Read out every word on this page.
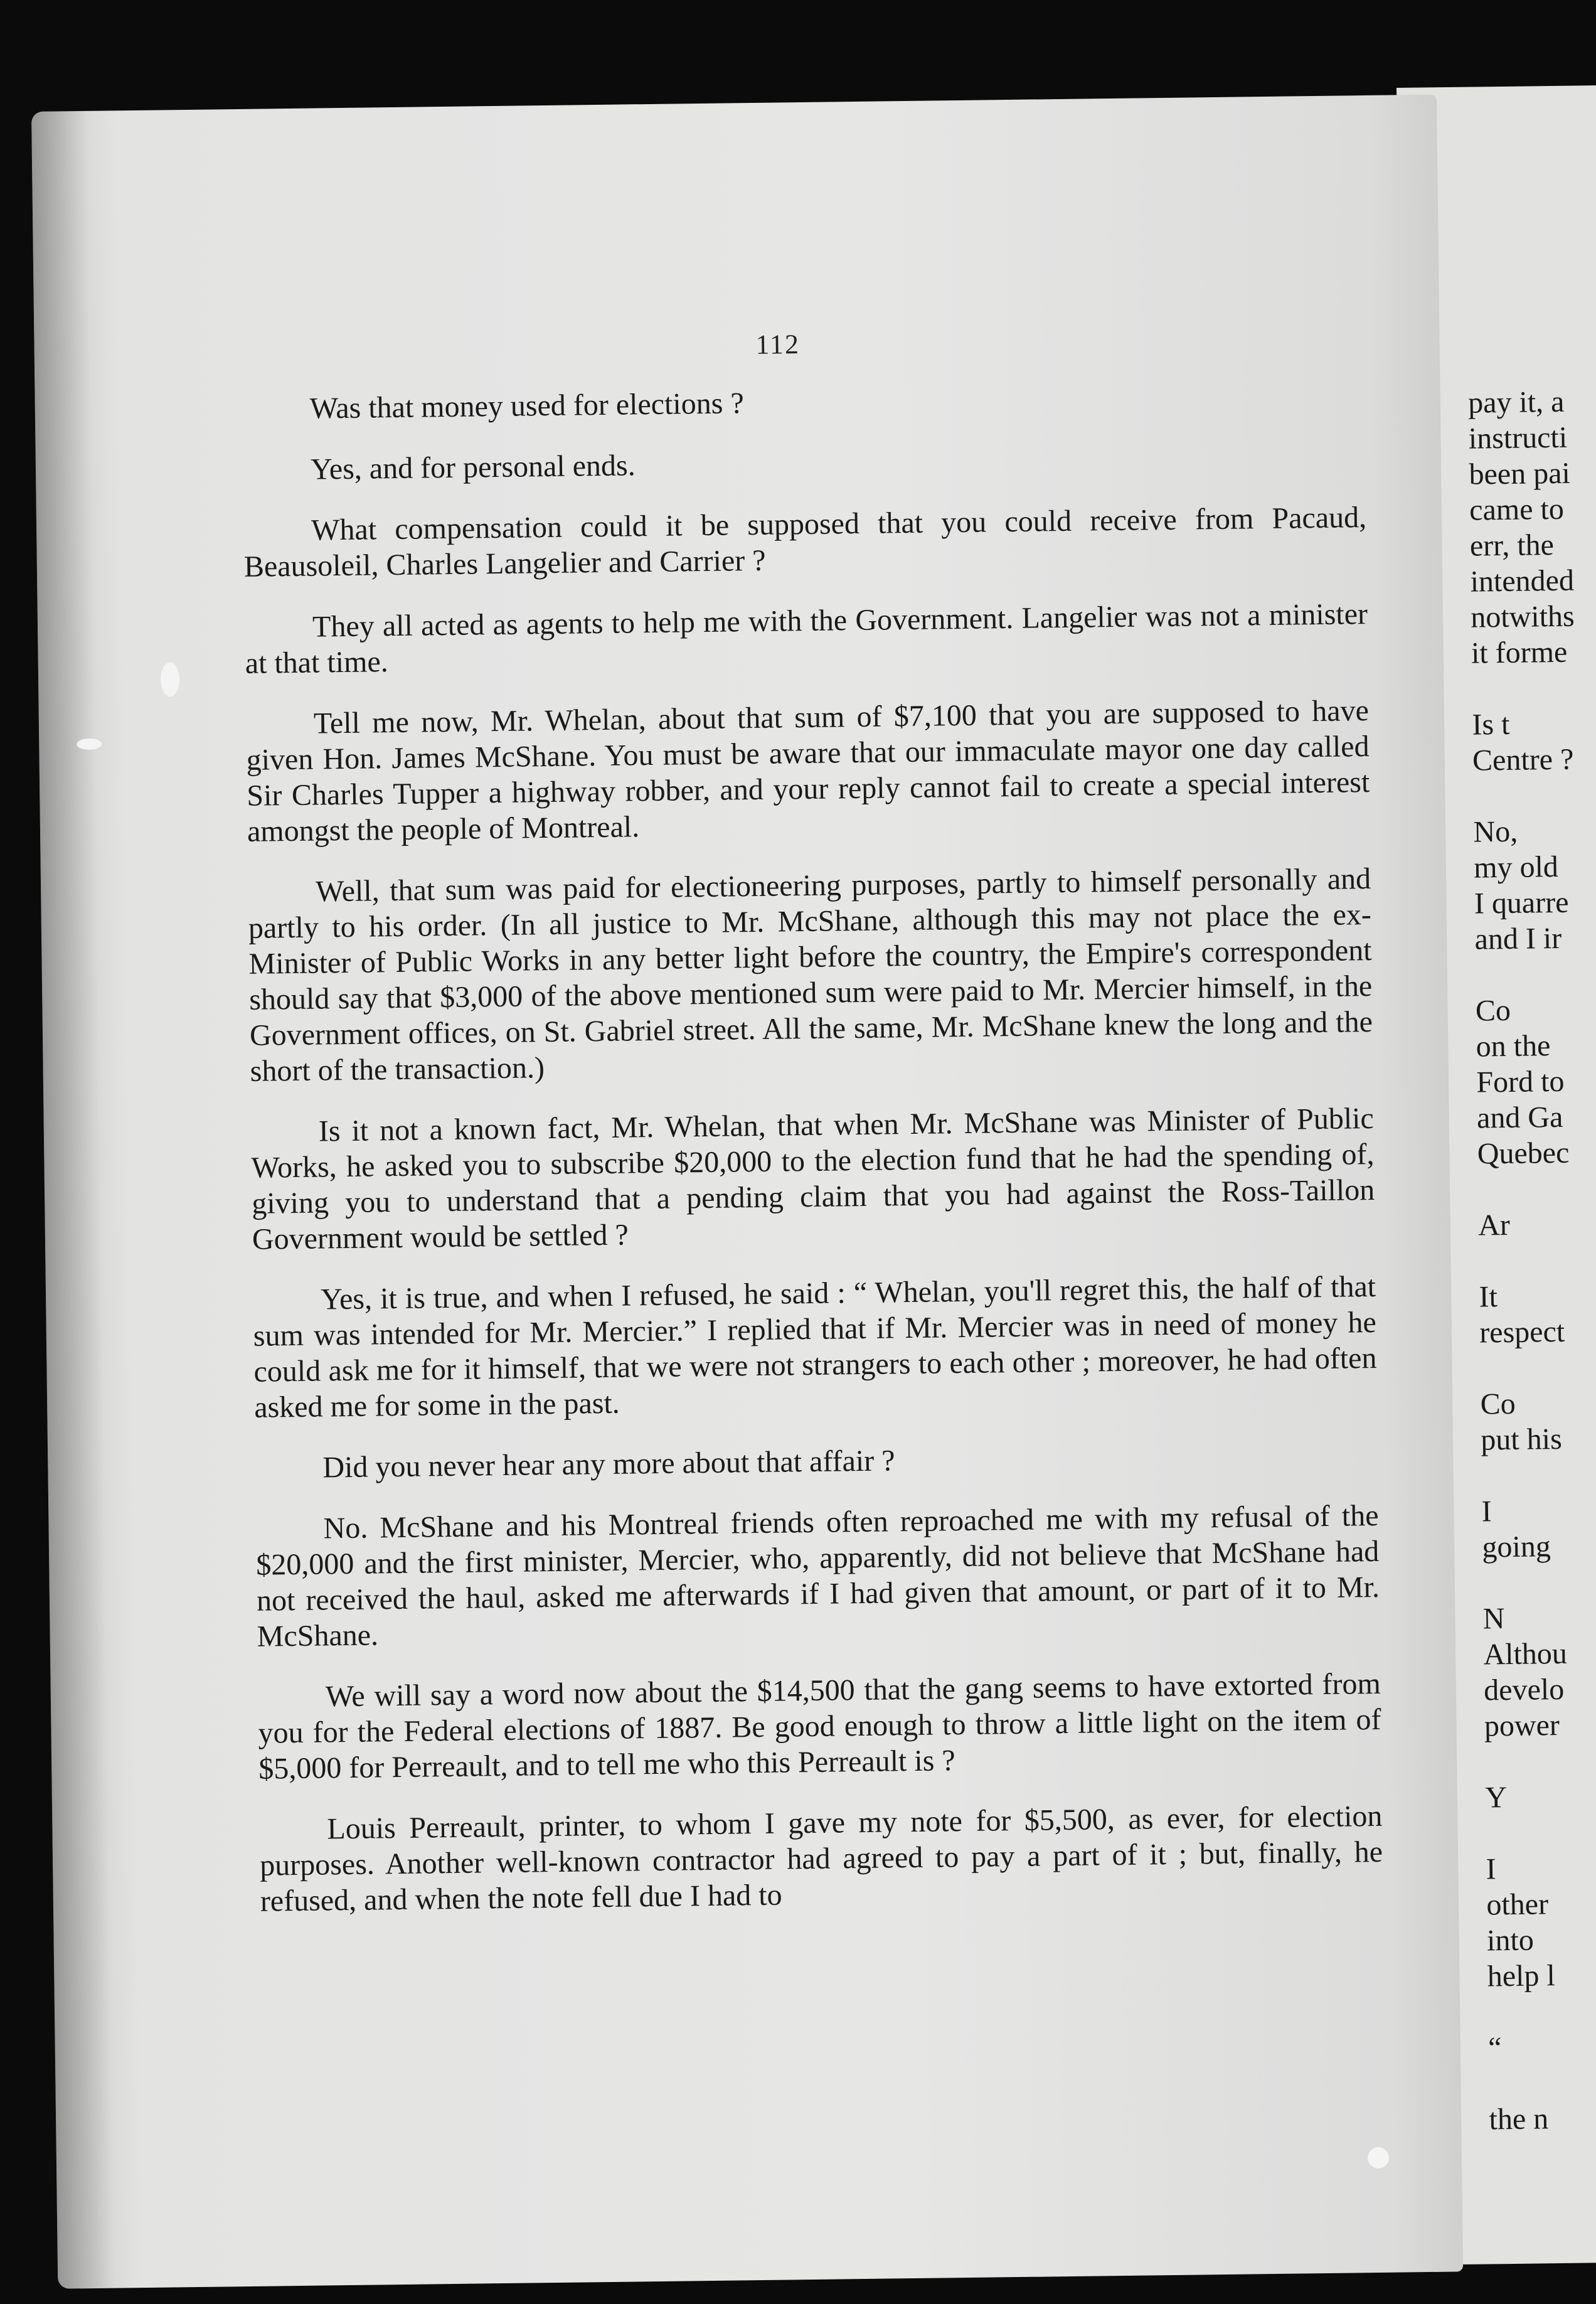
pay it, a
instructi
been pai
came to
err, the
intended
notwiths
it forme
Is t
Centre ?
No,
my old
I quarre
and I ir
Co
on the
Ford to
and Ga
Quebec
Ar
It
respect
Co
put his
I
going
N
Althou
develo
power
Y
I
other
into
help l
“
the n
112

Was that money used for elections ?

Yes, and for personal ends.

What compensation could it be supposed that you could receive from Pacaud, Beausoleil, Charles Langelier and Carrier ?

They all acted as agents to help me with the Government. Langelier was not a minister at that time.

Tell me now, Mr. Whelan, about that sum of $7,100 that you are supposed to have given Hon. James McShane. You must be aware that our immaculate mayor one day called Sir Charles Tupper a highway robber, and your reply cannot fail to create a special interest amongst the people of Montreal.

Well, that sum was paid for electioneering purposes, partly to himself personally and partly to his order. (In all justice to Mr. McShane, although this may not place the ex-Minister of Public Works in any better light before the country, the Empire's correspondent should say that $3,000 of the above mentioned sum were paid to Mr. Mercier himself, in the Government offices, on St. Gabriel street. All the same, Mr. McShane knew the long and the short of the transaction.)

Is it not a known fact, Mr. Whelan, that when Mr. McShane was Minister of Public Works, he asked you to subscribe $20,000 to the election fund that he had the spending of, giving you to understand that a pending claim that you had against the Ross-Taillon Government would be settled ?

Yes, it is true, and when I refused, he said : “ Whelan, you'll regret this, the half of that sum was intended for Mr. Mercier.” I replied that if Mr. Mercier was in need of money he could ask me for it himself, that we were not strangers to each other ; moreover, he had often asked me for some in the past.

Did you never hear any more about that affair ?

No. McShane and his Montreal friends often reproached me with my refusal of the $20,000 and the first minister, Mercier, who, apparently, did not believe that McShane had not received the haul, asked me afterwards if I had given that amount, or part of it to Mr. McShane.

We will say a word now about the $14,500 that the gang seems to have extorted from you for the Federal elections of 1887. Be good enough to throw a little light on the item of $5,000 for Perreault, and to tell me who this Perreault is ?

Louis Perreault, printer, to whom I gave my note for $5,500, as ever, for election purposes. Another well-known contractor had agreed to pay a part of it ; but, finally, he refused, and when the note fell due I had to
